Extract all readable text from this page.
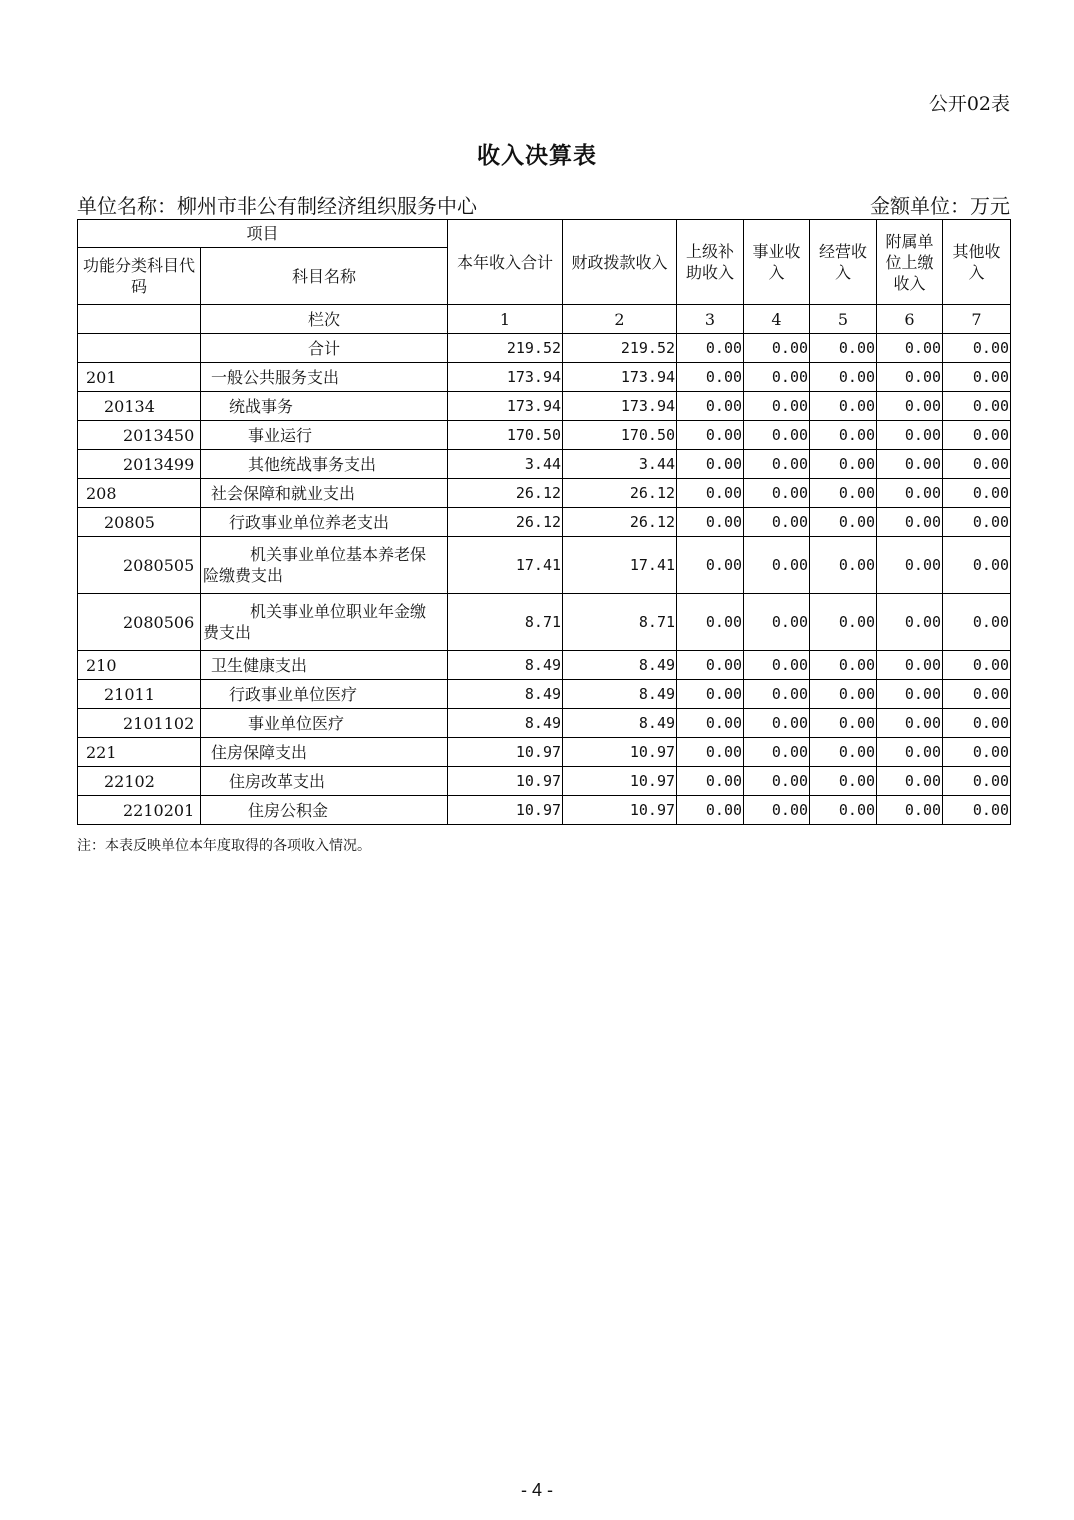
公开02表
收入决算表
单位名称：柳州市非公有制经济组织服务中心	金额单位：万元
项目		本年收入合计	财政拨款收入	上级补助收入	事业收入	经营收入	附属单位上缴收入	其他收入
功能分类科目代码	科目名称							
	栏次	1	2	3	4	5	6	7
	合计	219.52	219.52	0.00	0.00	0.00	0.00	0.00
201	一般公共服务支出	173.94	173.94	0.00	0.00	0.00	0.00	0.00
20134	统战事务	173.94	173.94	0.00	0.00	0.00	0.00	0.00
2013450	事业运行	170.50	170.50	0.00	0.00	0.00	0.00	0.00
2013499	其他统战事务支出	3.44	3.44	0.00	0.00	0.00	0.00	0.00
208	社会保障和就业支出	26.12	26.12	0.00	0.00	0.00	0.00	0.00
20805	行政事业单位养老支出	26.12	26.12	0.00	0.00	0.00	0.00	0.00
2080505	机关事业单位基本养老保
险缴费支出	17.41	17.41	0.00	0.00	0.00	0.00	0.00
2080506	机关事业单位职业年金缴
费支出	8.71	8.71	0.00	0.00	0.00	0.00	0.00
210	卫生健康支出	8.49	8.49	0.00	0.00	0.00	0.00	0.00
21011	行政事业单位医疗	8.49	8.49	0.00	0.00	0.00	0.00	0.00
2101102	事业单位医疗	8.49	8.49	0.00	0.00	0.00	0.00	0.00
221	住房保障支出	10.97	10.97	0.00	0.00	0.00	0.00	0.00
22102	住房改革支出	10.97	10.97	0.00	0.00	0.00	0.00	0.00
2210201	住房公积金	10.97	10.97	0.00	0.00	0.00	0.00	0.00
注：本表反映单位本年度取得的各项收入情况。
- 4 -
